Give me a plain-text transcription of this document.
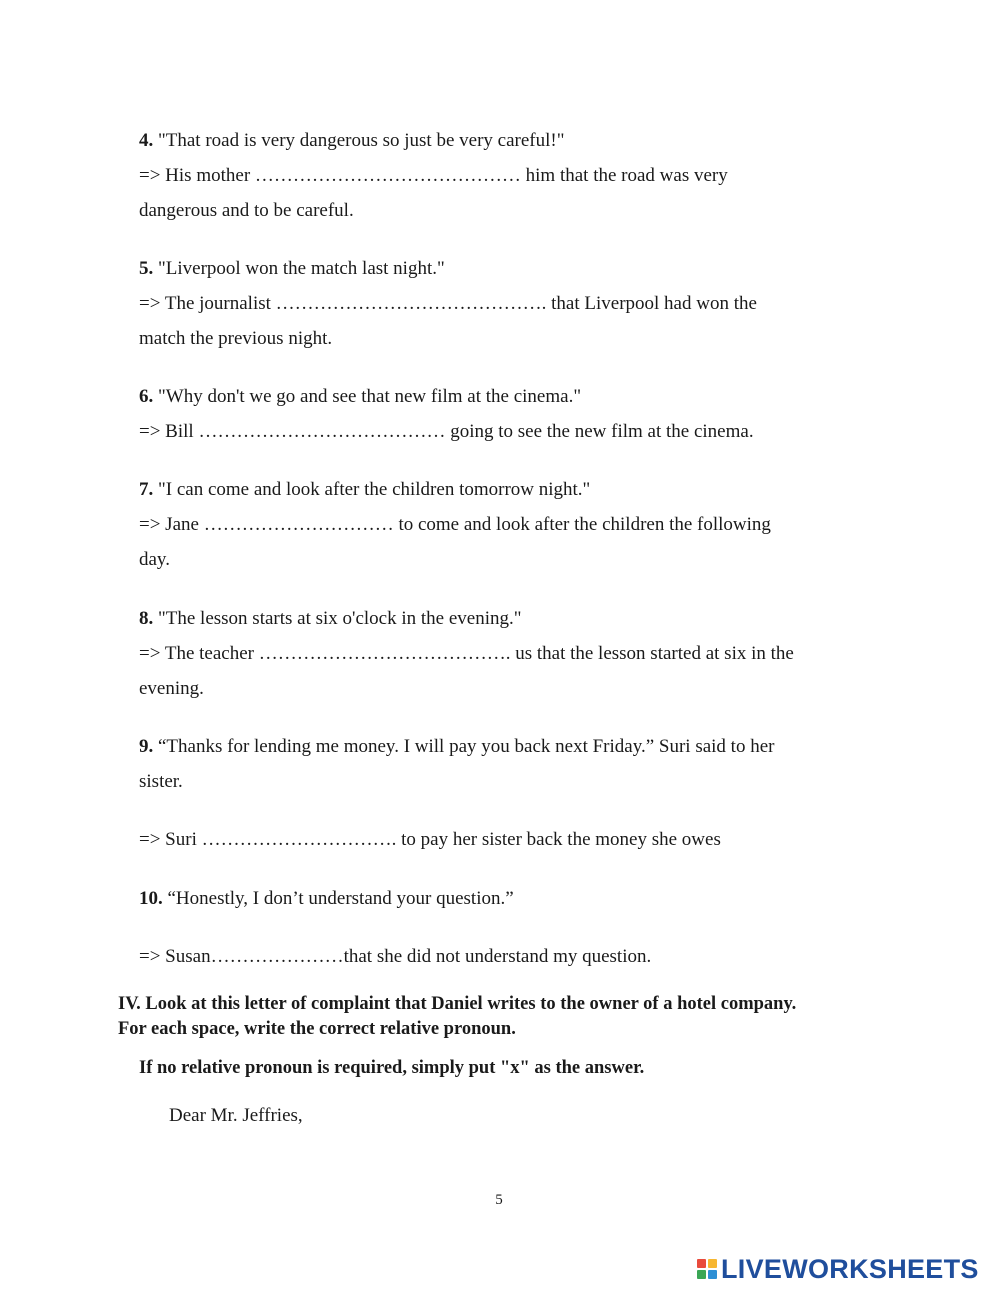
4. "That road is very dangerous so just be very careful!"
=> His mother …………………………………… him that the road was very
dangerous and to be careful.
5. "Liverpool won the match last night."
=> The journalist ……………………………………. that Liverpool had won the
match the previous night.
6. "Why don't we go and see that new film at the cinema."
=> Bill ………………………………… going to see the new film at the cinema.
7. "I can come and look after the children tomorrow night."
=> Jane ………………………… to come and look after the children the following
day.
8. "The lesson starts at six o'clock in the evening."
=> The teacher …………………………………. us that the lesson started at six in the
evening.
9. “Thanks for lending me money. I will pay you back next Friday.” Suri said to her
sister.
=> Suri …………………………. to pay her sister back the money she owes
10. “Honestly, I don’t understand your question.”
=> Susan…………………that she did not understand my question.
IV. Look at this letter of complaint that Daniel writes to the owner of a hotel company.
For each space, write the correct relative pronoun.
If no relative pronoun is required, simply put "x" as the answer.
Dear Mr. Jeffries,
5
LIVEWORKSHEETS
